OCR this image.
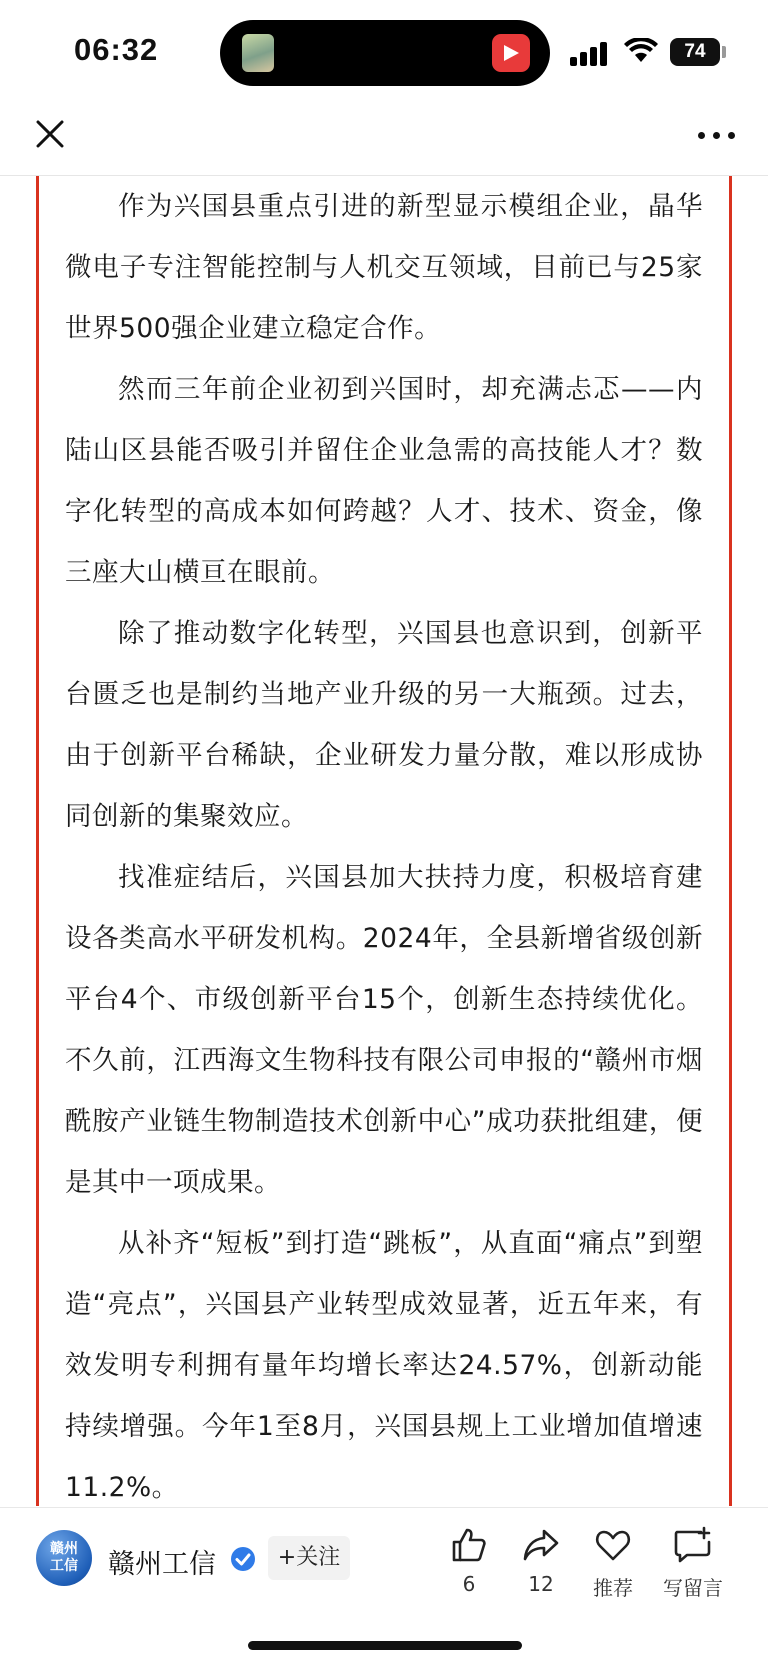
06:32	74

作为兴国县重点引进的新型显示模组企业，晶华微电子专注智能控制与人机交互领域，目前已与25家世界500强企业建立稳定合作。

然而三年前企业初到兴国时，却充满忐忑——内陆山区县能否吸引并留住企业急需的高技能人才？数字化转型的高成本如何跨越？人才、技术、资金，像三座大山横亘在眼前。

除了推动数字化转型，兴国县也意识到，创新平台匮乏也是制约当地产业升级的另一大瓶颈。过去，由于创新平台稀缺，企业研发力量分散，难以形成协同创新的集聚效应。

找准症结后，兴国县加大扶持力度，积极培育建设各类高水平研发机构。2024年，全县新增省级创新平台4个、市级创新平台15个，创新生态持续优化。不久前，江西海文生物科技有限公司申报的“赣州市烟酰胺产业链生物制造技术创新中心”成功获批组建，便是其中一项成果。

从补齐“短板”到打造“跳板”，从直面“痛点”到塑造“亮点”，兴国县产业转型成效显著，近五年来，有效发明专利拥有量年均增长率达24.57%，创新动能持续增强。今年1至8月，兴国县规上工业增加值增速11.2%。

赣州工信 赣州工信	+关注
6	12	推荐	写留言
